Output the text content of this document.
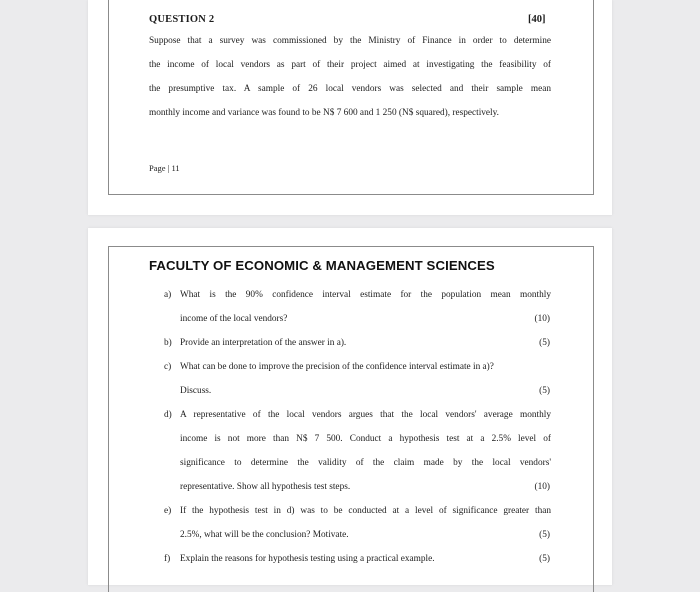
QUESTION 2	[40]
Suppose that a survey was commissioned by the Ministry of Finance in order to determine
the income of local vendors as part of their project aimed at investigating the feasibility of
the presumptive tax. A sample of 26 local vendors was selected and their sample mean
monthly income and variance was found to be N$ 7 600 and 1 250 (N$ squared), respectively.
Page | 11
FACULTY OF ECONOMIC & MANAGEMENT SCIENCES
a) What is the 90% confidence interval estimate for the population mean monthly
income of the local vendors?	(10)
b) Provide an interpretation of the answer in a).	(5)
c) What can be done to improve the precision of the confidence interval estimate in a)?
Discuss.	(5)
d) A representative of the local vendors argues that the local vendors' average monthly
income is not more than N$ 7 500. Conduct a hypothesis test at a 2.5% level of
significance to determine the validity of the claim made by the local vendors'
representative. Show all hypothesis test steps.	(10)
e) If the hypothesis test in d) was to be conducted at a level of significance greater than
2.5%, what will be the conclusion? Motivate.	(5)
f) Explain the reasons for hypothesis testing using a practical example.	(5)
